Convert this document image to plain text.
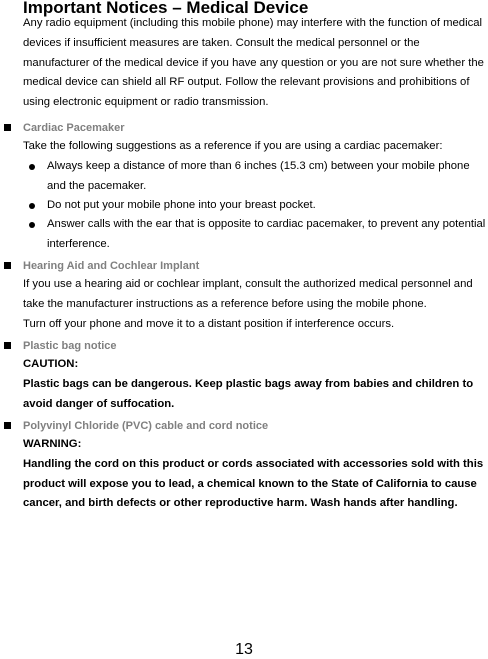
Important Notices – Medical Device
Any radio equipment (including this mobile phone) may interfere with the function of medical
devices if insufficient measures are taken. Consult the medical personnel or the
manufacturer of the medical device if you have any question or you are not sure whether the
medical device can shield all RF output. Follow the relevant provisions and prohibitions of
using electronic equipment or radio transmission.
Cardiac Pacemaker
Take the following suggestions as a reference if you are using a cardiac pacemaker:
Always keep a distance of more than 6 inches (15.3 cm) between your mobile phone
and the pacemaker.
Do not put your mobile phone into your breast pocket.
Answer calls with the ear that is opposite to cardiac pacemaker, to prevent any potential
interference.
Hearing Aid and Cochlear Implant
If you use a hearing aid or cochlear implant, consult the authorized medical personnel and
take the manufacturer instructions as a reference before using the mobile phone.
Turn off your phone and move it to a distant position if interference occurs.
Plastic bag notice
CAUTION:
Plastic bags can be dangerous. Keep plastic bags away from babies and children to
avoid danger of suffocation.
Polyvinyl Chloride (PVC) cable and cord notice
WARNING:
Handling the cord on this product or cords associated with accessories sold with this
product will expose you to lead, a chemical known to the State of California to cause
cancer, and birth defects or other reproductive harm. Wash hands after handling.
13
